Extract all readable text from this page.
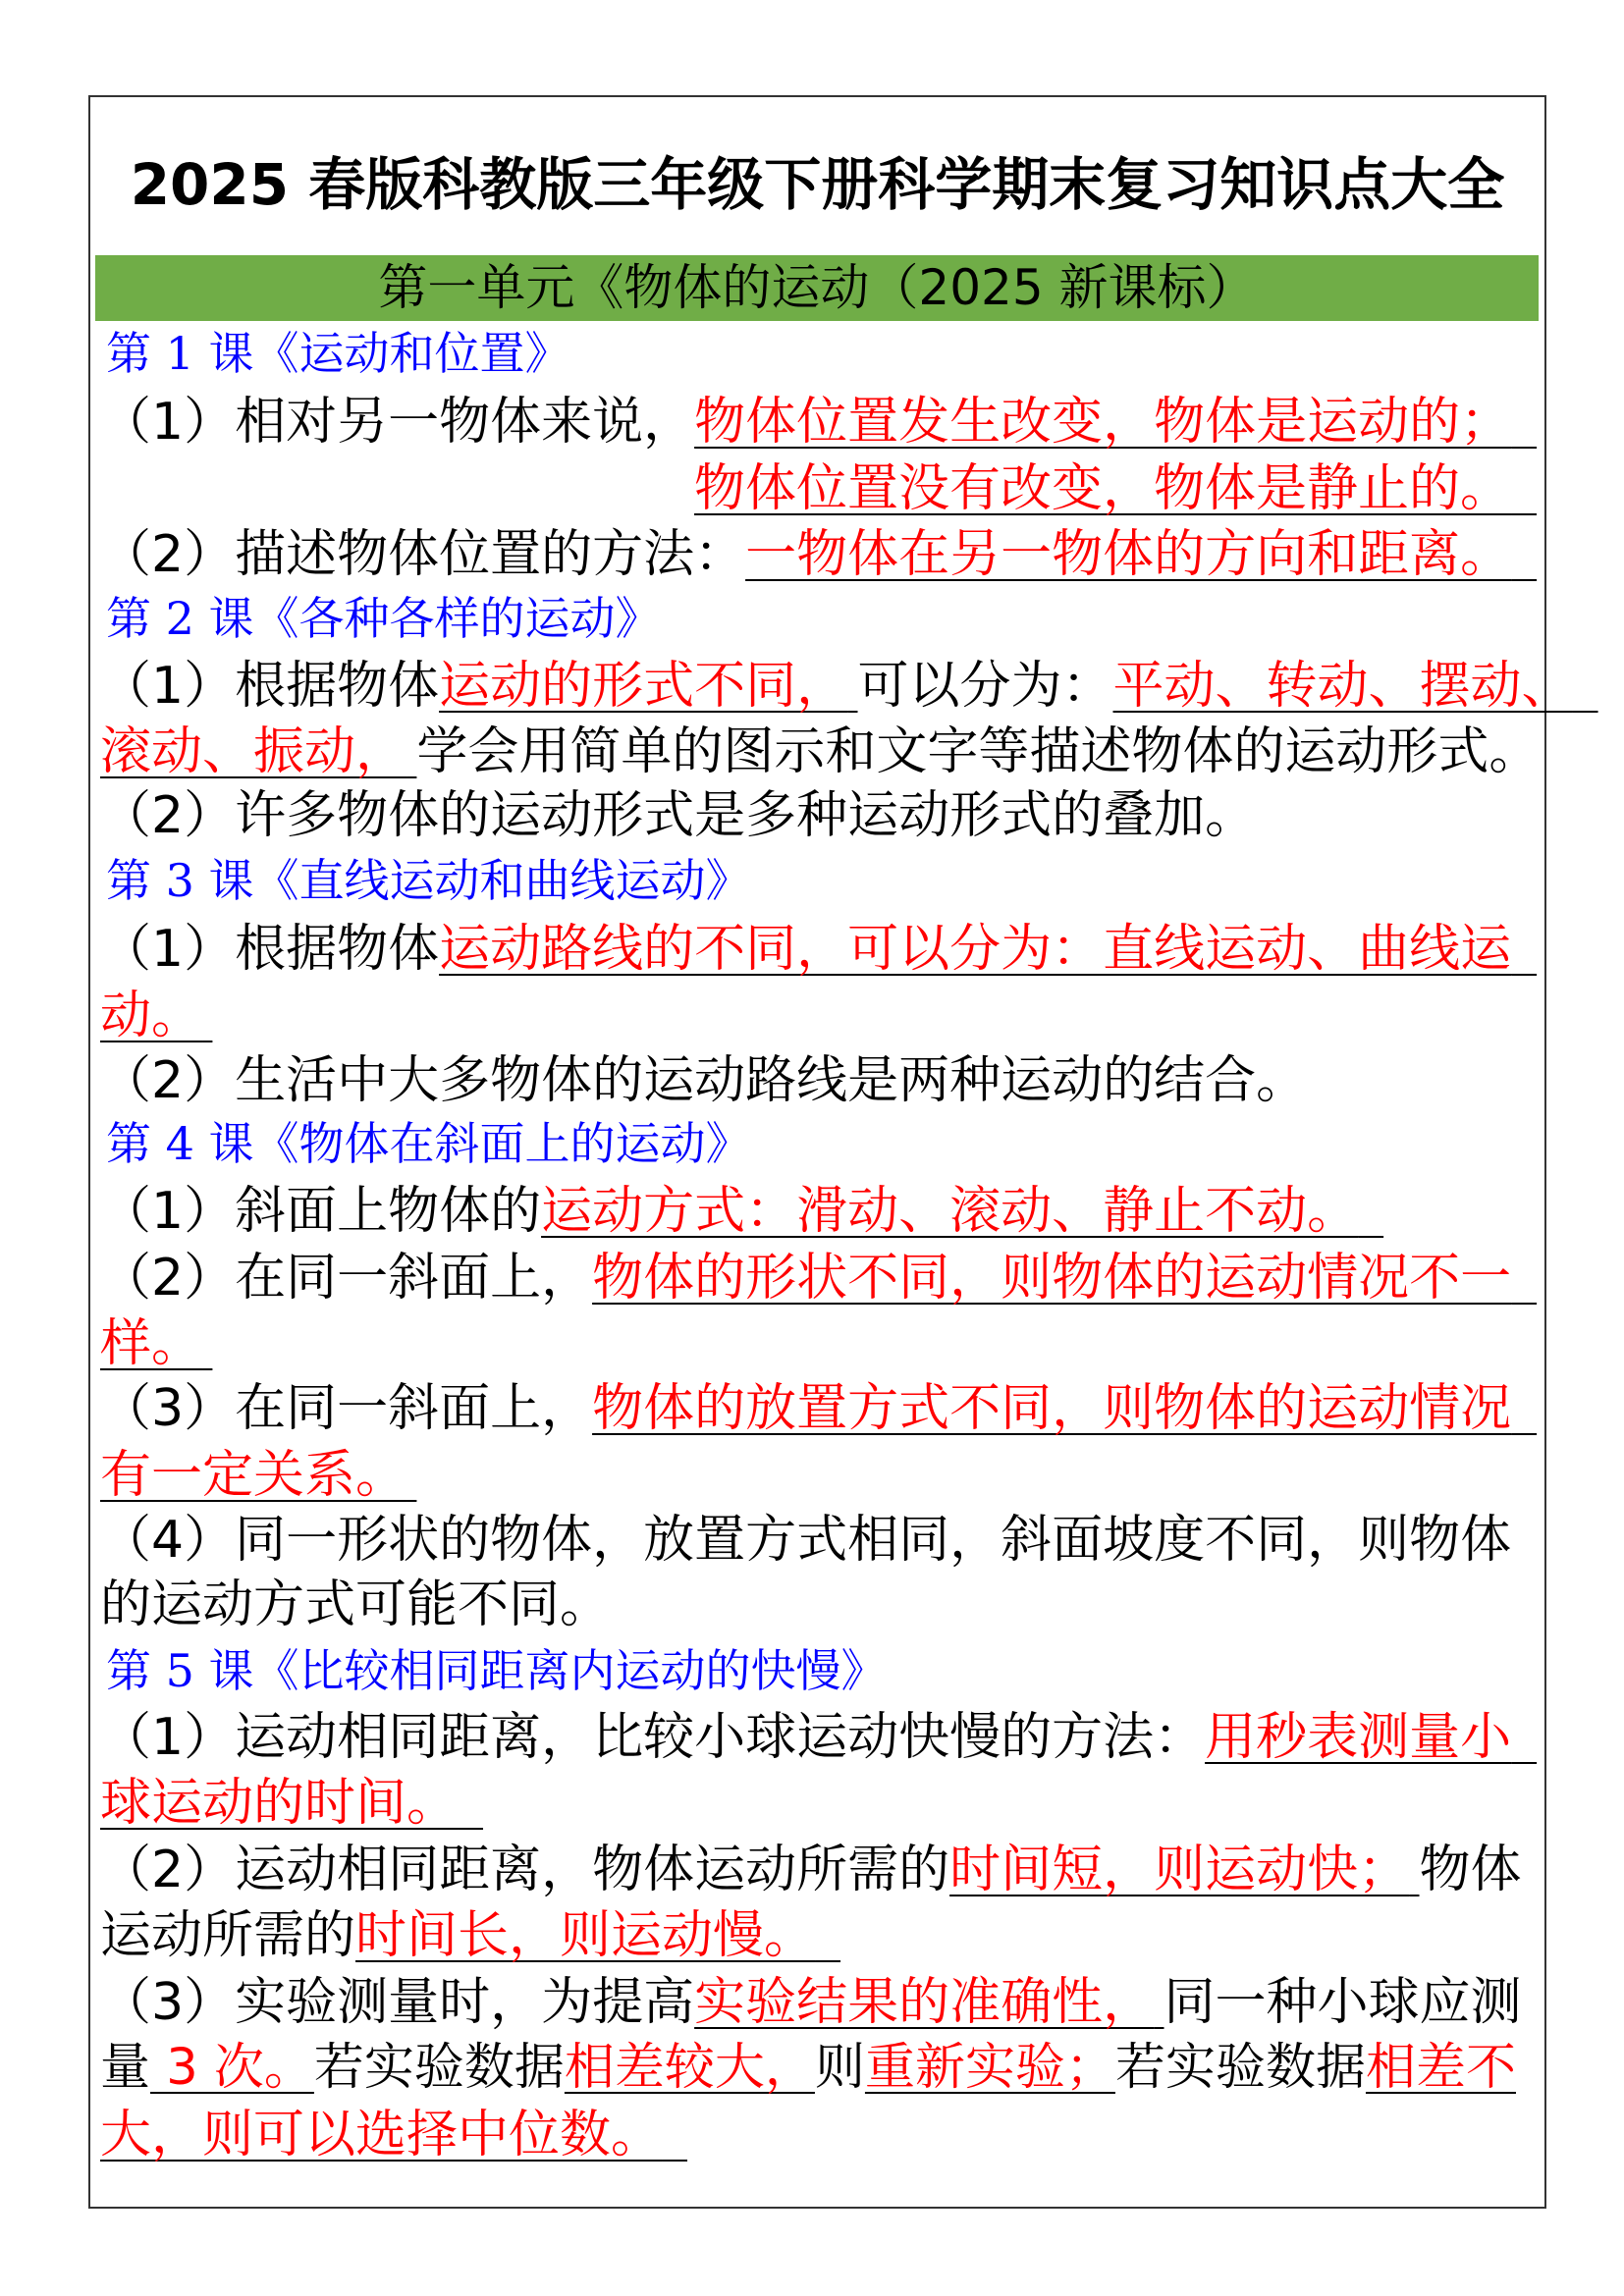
2025 春版科教版三年级下册科学期末复习知识点大全
第一单元《物体的运动（2025 新课标）
第 1 课《运动和位置》
（1）相对另一物体来说，物体位置发生改变，物体是运动的；
物体位置没有改变，物体是静止的。
（2）描述物体位置的方法：一物体在另一物体的方向和距离。
第 2 课《各种各样的运动》
（1）根据物体运动的形式不同， 可以分为：平动、转动、摆动、
滚动、振动， 学会用简单的图示和文字等描述物体的运动形式。
（2）许多物体的运动形式是多种运动形式的叠加。
第 3 课《直线运动和曲线运动》
（1）根据物体运动路线的不同，可以分为：直线运动、曲线运
动。
（2）生活中大多物体的运动路线是两种运动的结合。
第 4 课《物体在斜面上的运动》
（1）斜面上物体的运动方式：滑动、滚动、静止不动。
（2）在同一斜面上，物体的形状不同，则物体的运动情况不一
样。
（3）在同一斜面上，物体的放置方式不同，则物体的运动情况
有一定关系。
（4）同一形状的物体，放置方式相同，斜面坡度不同，则物体
的运动方式可能不同。
第 5 课《比较相同距离内运动的快慢》
（1）运动相同距离，比较小球运动快慢的方法：用秒表测量小
球运动的时间。
（2）运动相同距离，物体运动所需的时间短，则运动快； 物体
运动所需的时间长，则运动慢。
（3）实验测量时，为提高实验结果的准确性， 同一种小球应测
量 3 次。若实验数据相差较大，则重新实验；若实验数据相差不
大，则可以选择中位数。
